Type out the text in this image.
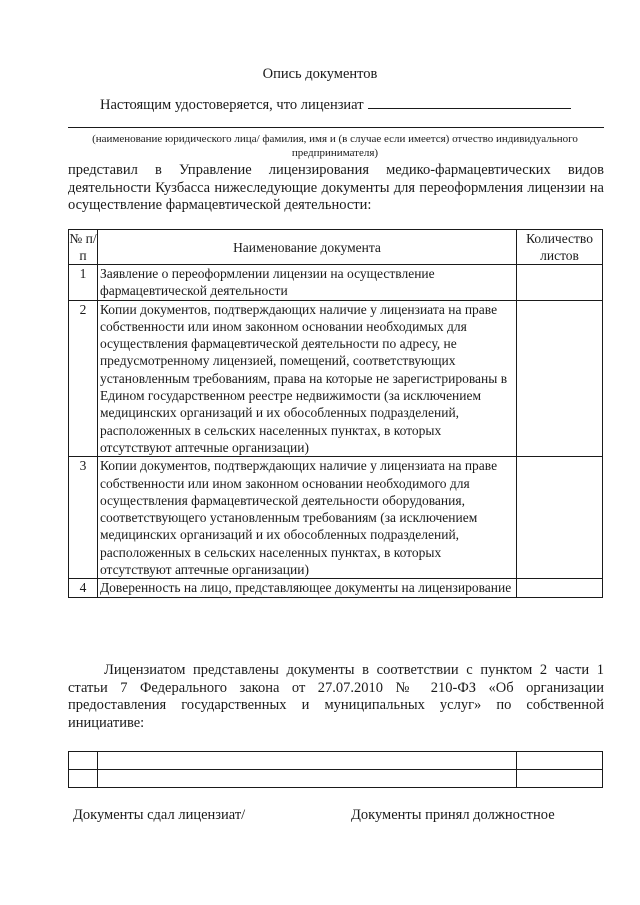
Опись документов
Настоящим удостоверяется, что лицензиат
(наименование юридического лица/ фамилия, имя и (в случае если имеется) отчество индивидуального предпринимателя)
представил в Управление лицензирования медико-фармацевтических видов деятельности Кузбасса нижеследующие документы для переоформления лицензии на осуществление фармацевтической деятельности:
№ п/п	Наименование документа	Количество листов
1	Заявление о переоформлении лицензии на осуществление фармацевтической деятельности	
2	Копии документов, подтверждающих наличие у лицензиата на праве собственности или ином законном основании необходимых для осуществления фармацевтической деятельности по адресу, не предусмотренному лицензией, помещений, соответствующих установленным требованиям, права на которые не зарегистрированы в Едином государственном реестре недвижимости (за исключением медицинских организаций и их обособленных подразделений, расположенных в сельских населенных пунктах, в которых отсутствуют аптечные организации)	
3	Копии документов, подтверждающих наличие у лицензиата на праве собственности или ином законном основании необходимого для осуществления фармацевтической деятельности оборудования, соответствующего установленным требованиям (за исключением медицинских организаций и их обособленных подразделений, расположенных в сельских населенных пунктах, в которых отсутствуют аптечные организации)	
4	Доверенность на лицо, представляющее документы на лицензирование	
Лицензиатом представлены документы в соответствии с пунктом 2 части 1 статьи 7 Федерального закона от 27.07.2010 № 210-ФЗ «Об организации предоставления государственных и муниципальных услуг» по собственной инициативе:

Документы сдал лицензиат/	Документы принял должностное
